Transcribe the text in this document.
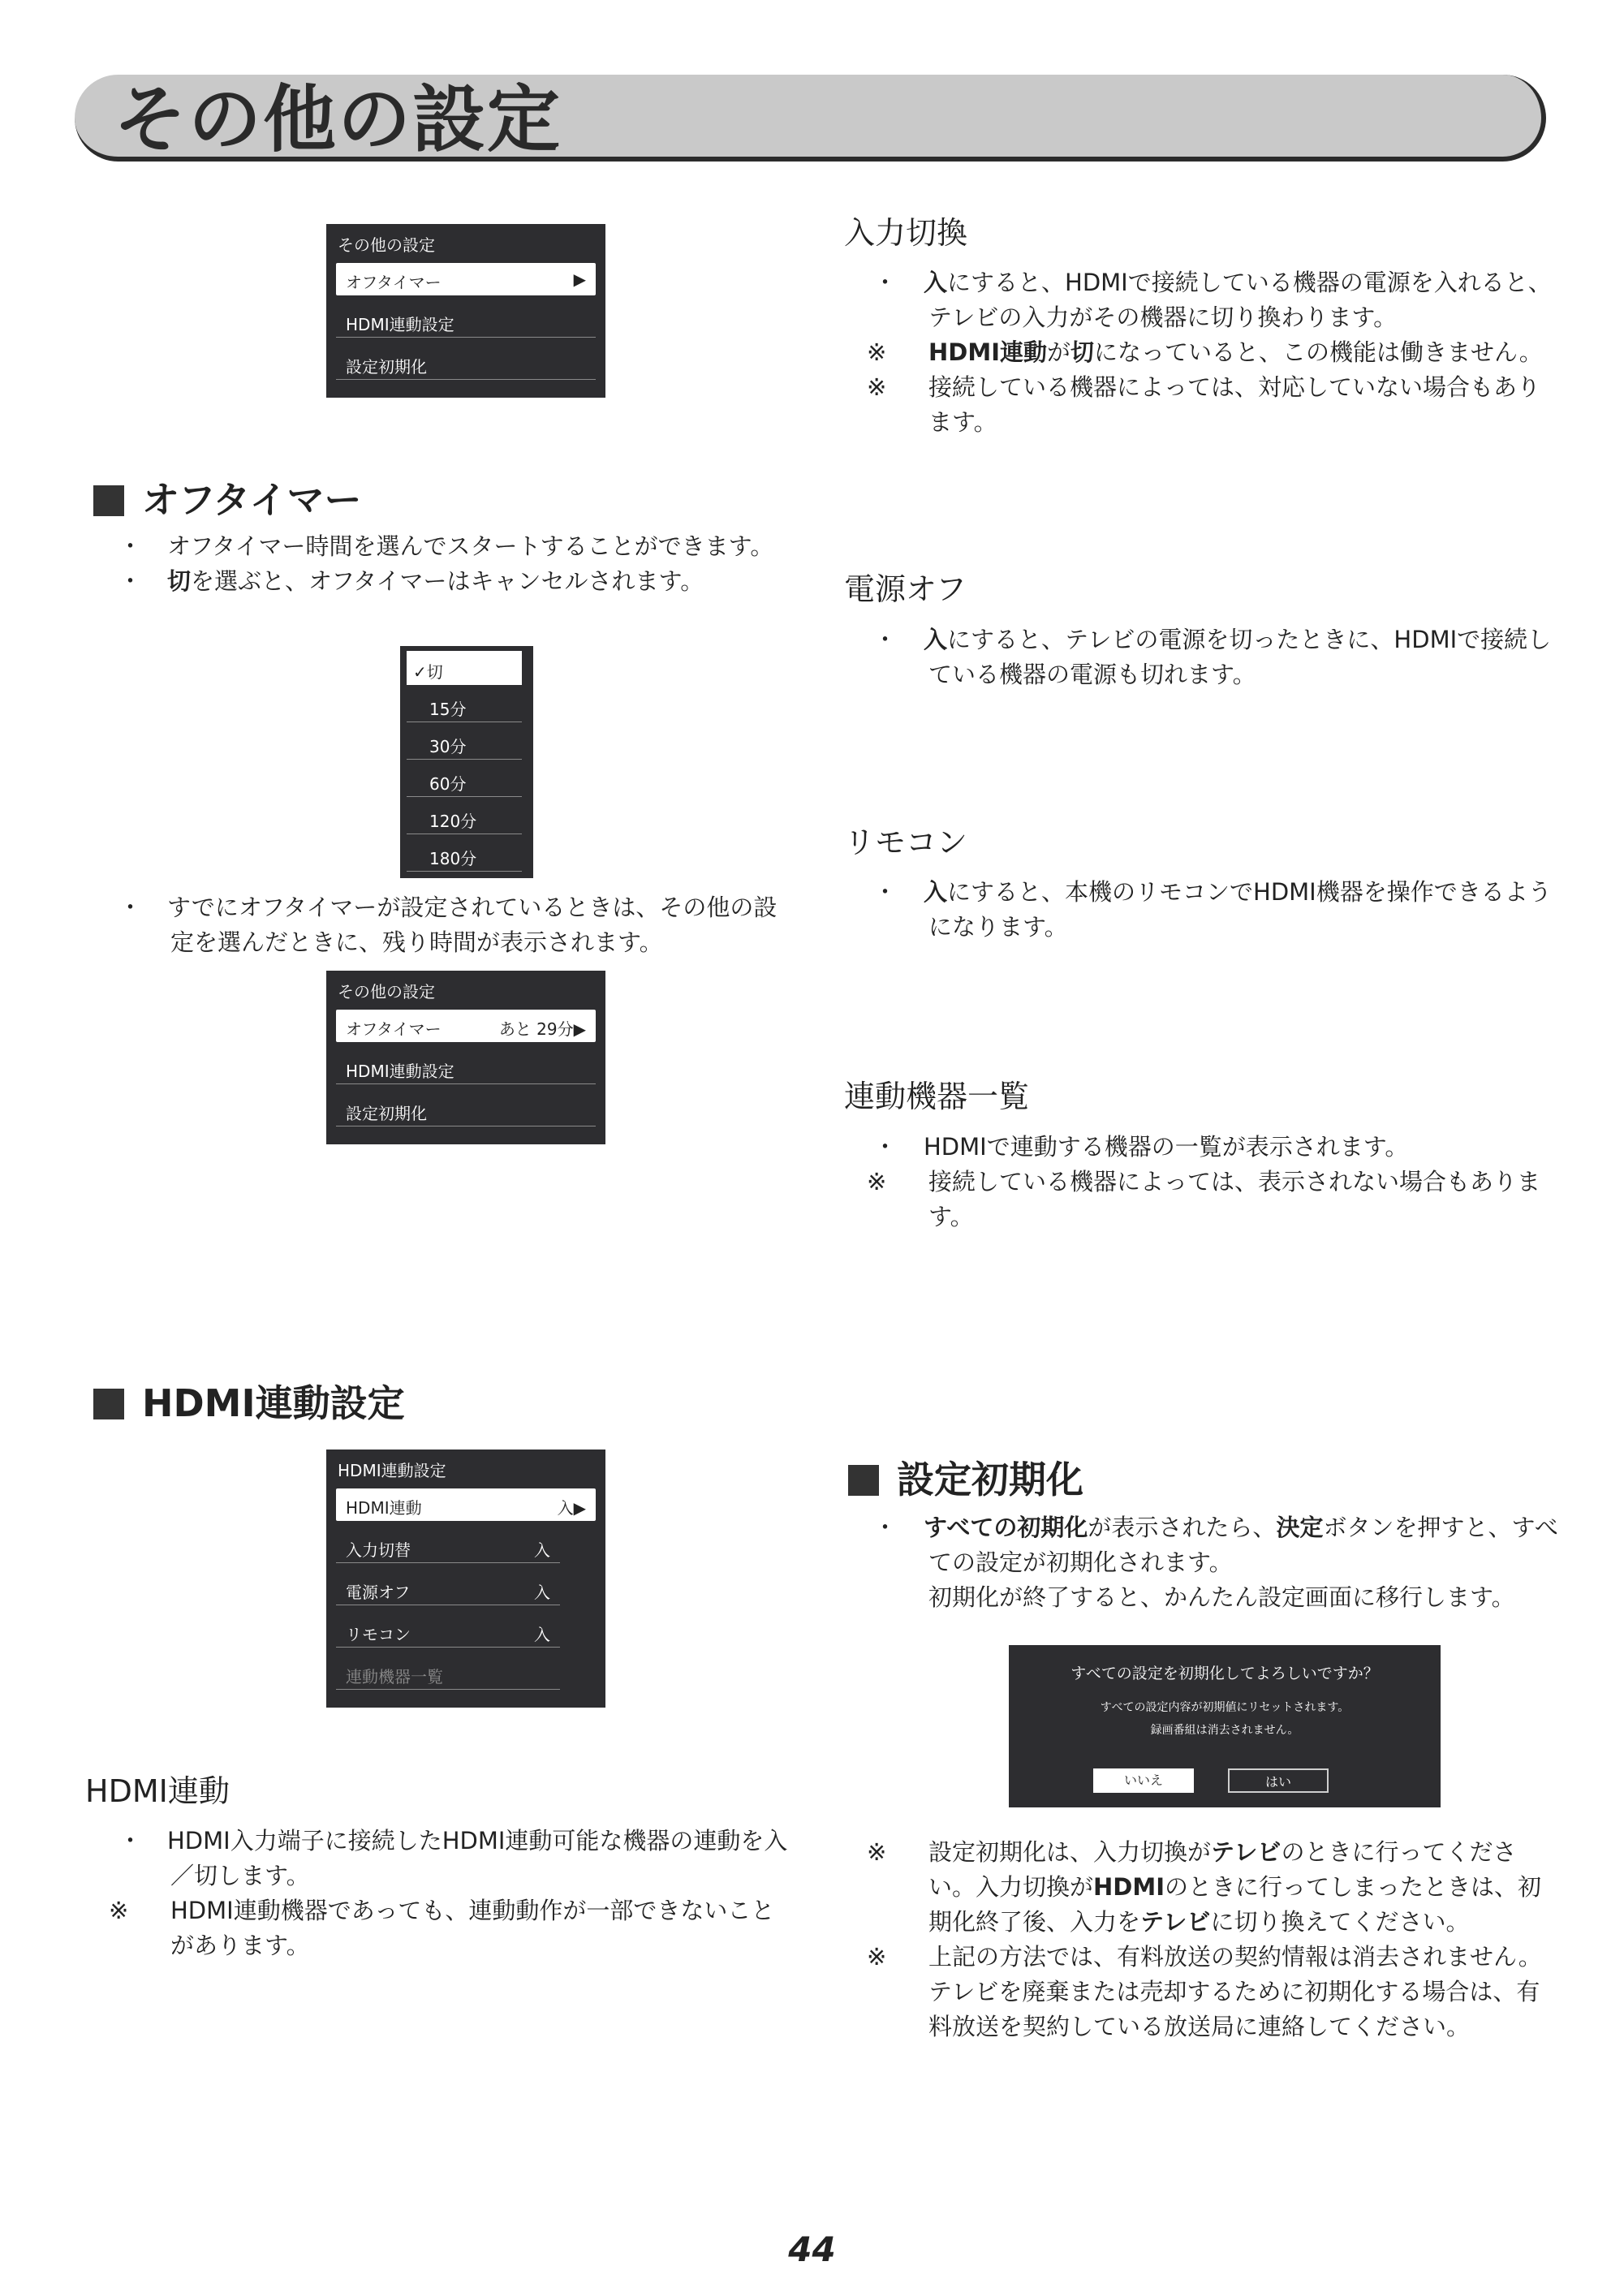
その他の設定
その他の設定
オフタイマー	▶
HDMI連動設定
設定初期化
オフタイマー
・ オフタイマー時間を選んでスタートすることができます。
・ 切を選ぶと、オフタイマーはキャンセルされます。
✓切
15分
30分
60分
120分
180分
・ すでにオフタイマーが設定されているときは、その他の設定を選んだときに、残り時間が表示されます。
その他の設定
オフタイマー	あと 29分▶
HDMI連動設定
設定初期化
入力切換
・ 入にすると、HDMIで接続している機器の電源を入れると、テレビの入力がその機器に切り換わります。
※ HDMI連動が切になっていると、この機能は働きません。
※ 接続している機器によっては、対応していない場合もあります。
電源オフ
・ 入にすると、テレビの電源を切ったときに、HDMIで接続している機器の電源も切れます。
リモコン
・ 入にすると、本機のリモコンでHDMI機器を操作できるようになります。
連動機器一覧
・ HDMIで連動する機器の一覧が表示されます。
※ 接続している機器によっては、表示されない場合もあります。
HDMI連動設定
HDMI連動設定
HDMI連動	入▶
入力切替	入
電源オフ	入
リモコン	入
連動機器一覧
HDMI連動
・ HDMI入力端子に接続したHDMI連動可能な機器の連動を入／切します。
※ HDMI連動機器であっても、連動動作が一部できないことがあります。
設定初期化
・ すべての初期化が表示されたら、決定ボタンを押すと、すべての設定が初期化されます。
初期化が終了すると、かんたん設定画面に移行します。
すべての設定を初期化してよろしいですか？
すべての設定内容が初期値にリセットされます。
録画番組は消去されません。
いいえ	はい
※ 設定初期化は、入力切換がテレビのときに行ってください。入力切換がHDMIのときに行ってしまったときは、初期化終了後、入力をテレビに切り換えてください。
※ 上記の方法では、有料放送の契約情報は消去されません。テレビを廃棄または売却するために初期化する場合は、有料放送を契約している放送局に連絡してください。
44
